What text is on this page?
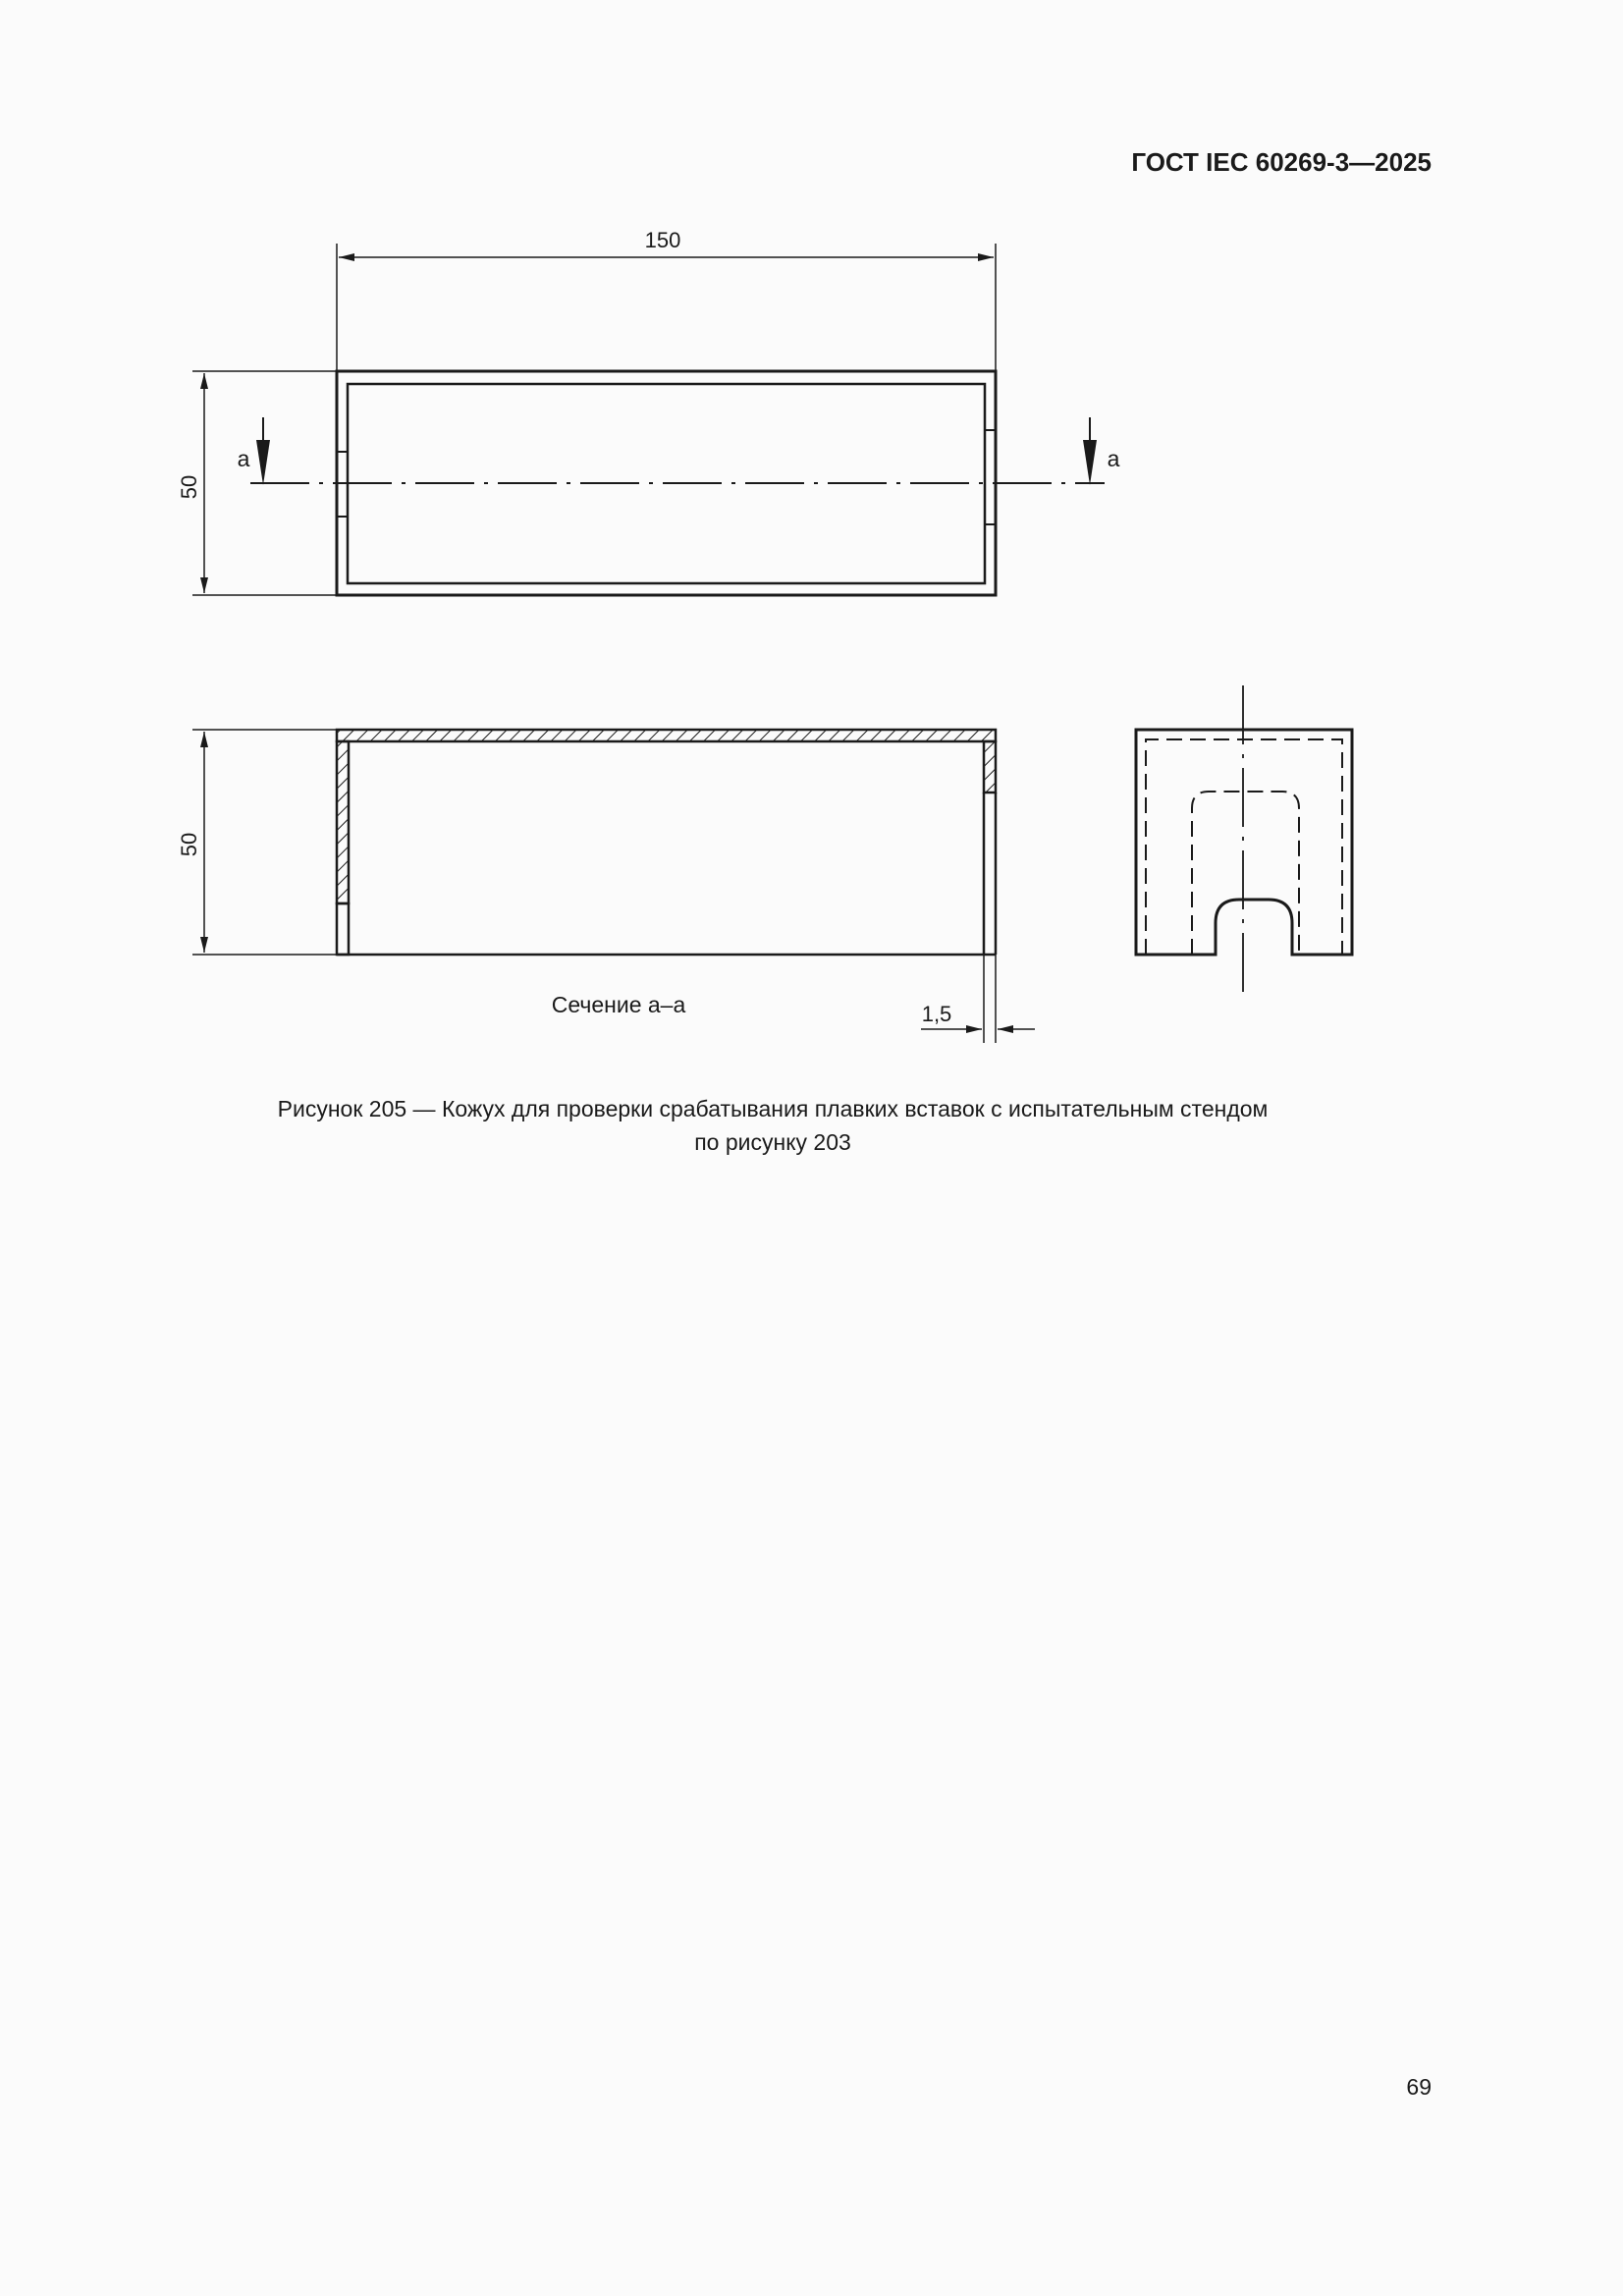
ГОСТ IEC 60269-3—2025
150
50
a	a
50
Сечение a–a	1,5
Рисунок 205 — Кожух для проверки срабатывания плавких вставок с испытательным стендом
по рисунку 203
69
